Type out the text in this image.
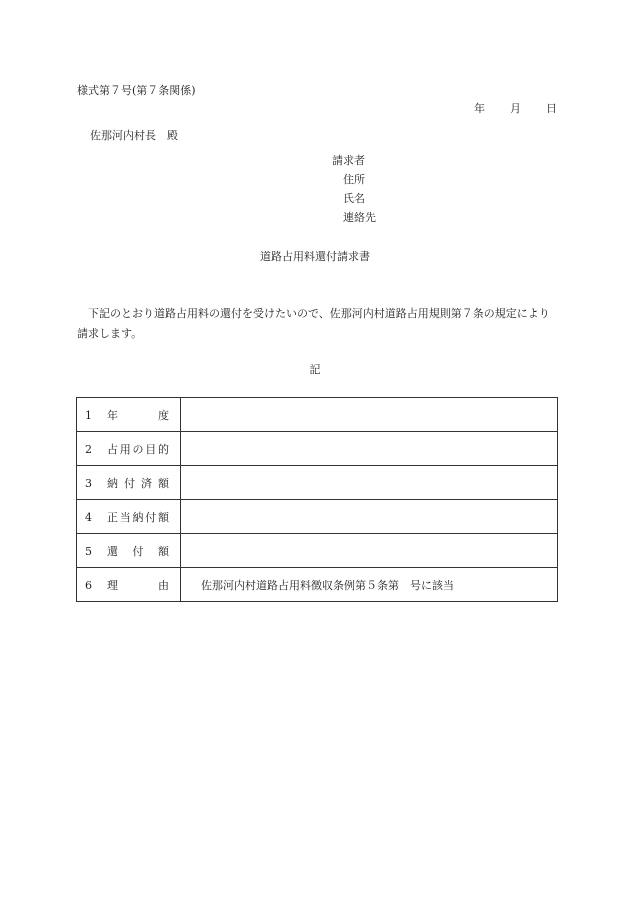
様式第７号(第７条関係)
年 月 日
佐那河内村長　殿
請求者
住所
氏名
連絡先
道路占用料還付請求書
下記のとおり道路占用料の還付を受けたいので、佐那河内村道路占用規則第７条の規定により請求します。
記
1 年　度	
2 占用の目的	
3 納付済額	
4 正当納付額	
5 還付額	
6 理　由	佐那河内村道路占用料徴収条例第５条第　号に該当
